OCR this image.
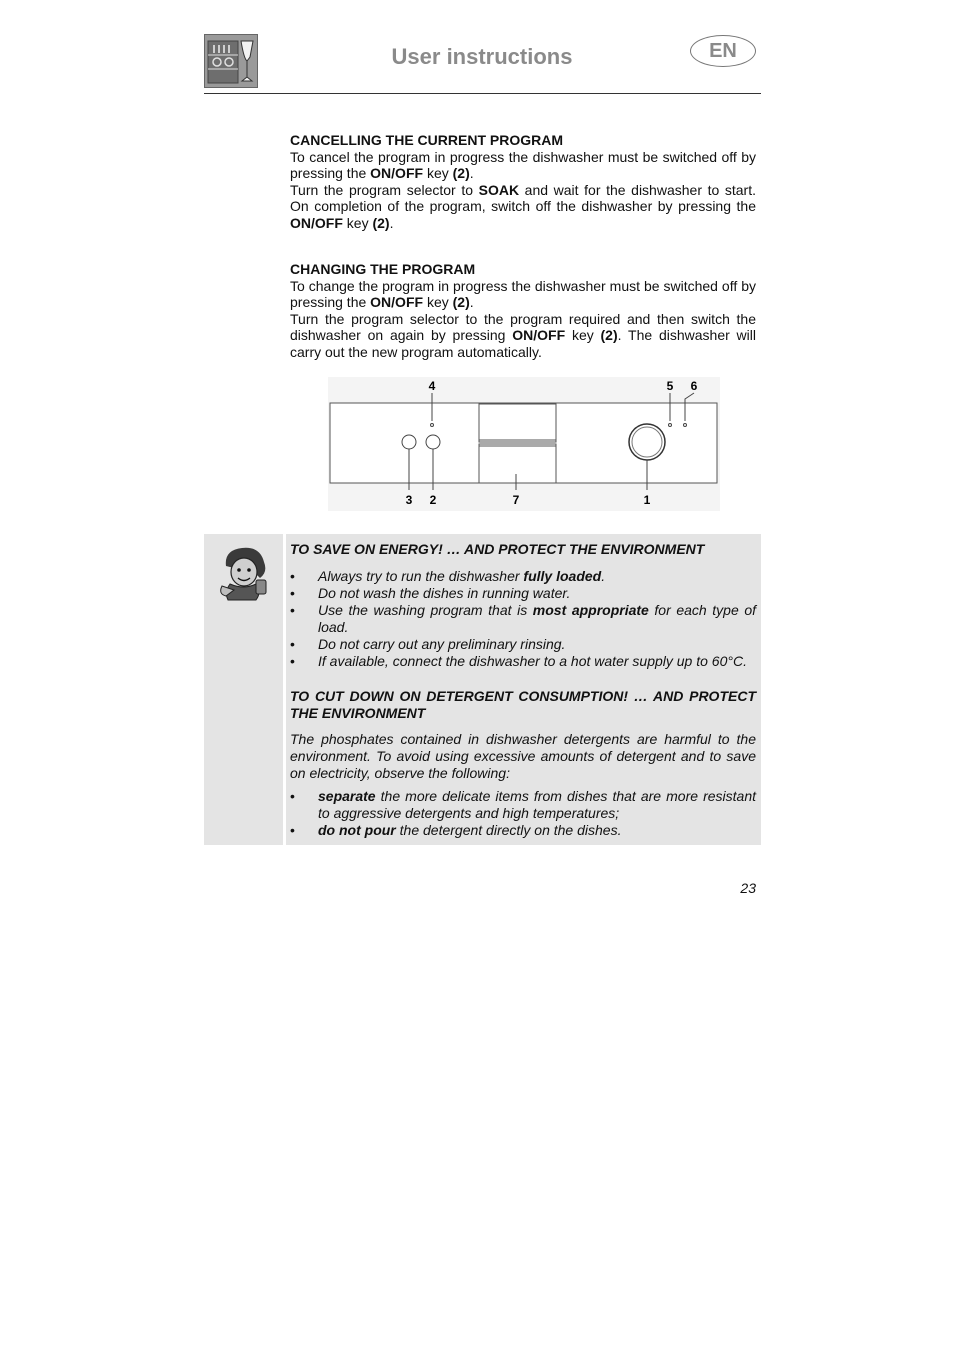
User instructions	EN

CANCELLING THE CURRENT PROGRAM

To cancel the program in progress the dishwasher must be switched off by pressing the ON/OFF key (2).

Turn the program selector to SOAK and wait for the dishwasher to start. On completion of the program, switch off the dishwasher by pressing the ON/OFF key (2).

CHANGING THE PROGRAM

To change the program in progress the dishwasher must be switched off by pressing the ON/OFF key (2).

Turn the program selector to the program required and then switch the dishwasher on again by pressing ON/OFF key (2). The dishwasher will carry out the new program automatically.

4	5 6
3 2	7	1

TO SAVE ON ENERGY! … AND PROTECT THE ENVIRONMENT

• Always try to run the dishwasher fully loaded.
• Do not wash the dishes in running water.
• Use the washing program that is most appropriate for each type of load.
• Do not carry out any preliminary rinsing.
• If available, connect the dishwasher to a hot water supply up to 60°C.

TO CUT DOWN ON DETERGENT CONSUMPTION! … AND PROTECT THE ENVIRONMENT

The phosphates contained in dishwasher detergents are harmful to the environment. To avoid using excessive amounts of detergent and to save on electricity, observe the following:

• separate the more delicate items from dishes that are more resistant to aggressive detergents and high temperatures;
• do not pour the detergent directly on the dishes.
23
